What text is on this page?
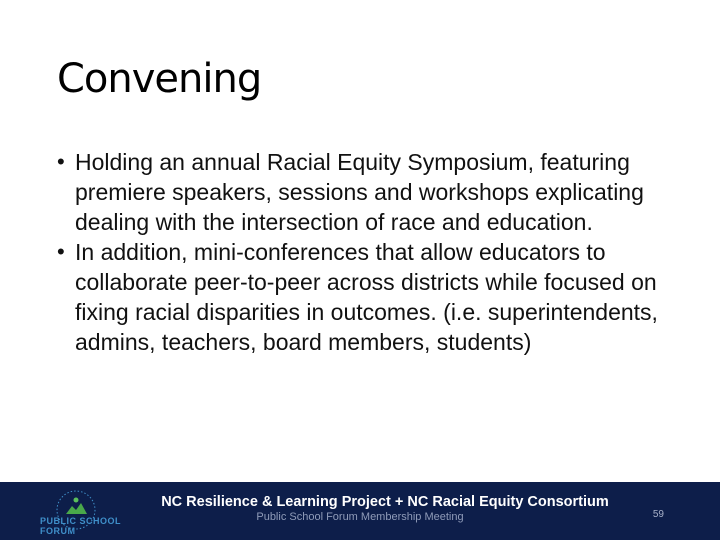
Convening
• Holding an annual Racial Equity Symposium, featuring premiere speakers, sessions and workshops explicating dealing with the intersection of race and education.
• In addition, mini-conferences that allow educators to collaborate peer-to-peer across districts while focused on fixing racial disparities in outcomes. (i.e. superintendents, admins, teachers, board members, students)
PUBLIC SCHOOL
FORUM
NC Resilience & Learning Project + NC Racial Equity Consortium
Public School Forum Membership Meeting	59
